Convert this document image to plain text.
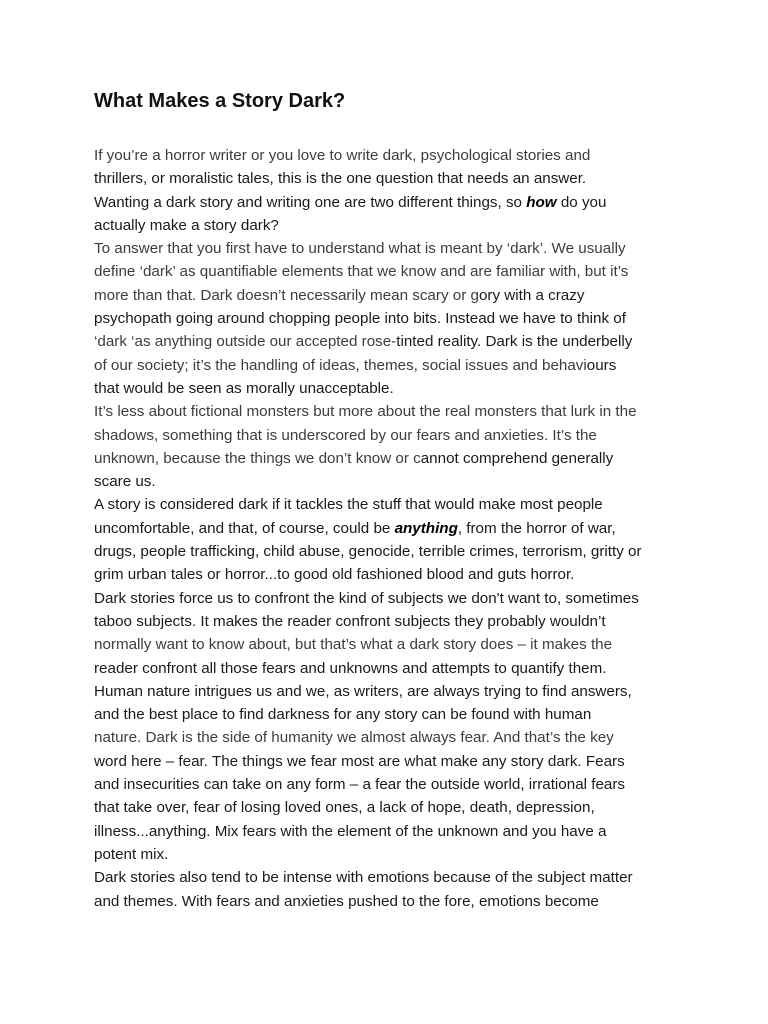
What Makes a Story Dark?
If you’re a horror writer or you love to write dark, psychological stories and
thrillers, or moralistic tales, this is the one question that needs an answer.
Wanting a dark story and writing one are two different things, so how do you
actually make a story dark?
To answer that you first have to understand what is meant by ‘dark’. We usually
define ‘dark’ as quantifiable elements that we know and are familiar with, but it’s
more than that. Dark doesn’t necessarily mean scary or gory with a crazy
psychopath going around chopping people into bits. Instead we have to think of
‘dark ‘as anything outside our accepted rose-tinted reality. Dark is the underbelly
of our society; it’s the handling of ideas, themes, social issues and behaviours
that would be seen as morally unacceptable.
It’s less about fictional monsters but more about the real monsters that lurk in the
shadows, something that is underscored by our fears and anxieties. It’s the
unknown, because the things we don’t know or cannot comprehend generally
scare us.
A story is considered dark if it tackles the stuff that would make most people
uncomfortable, and that, of course, could be anything, from the horror of war,
drugs, people trafficking, child abuse, genocide, terrible crimes, terrorism, gritty or
grim urban tales or horror...to good old fashioned blood and guts horror.
Dark stories force us to confront the kind of subjects we don't want to, sometimes
taboo subjects. It makes the reader confront subjects they probably wouldn’t
normally want to know about, but that’s what a dark story does – it makes the
reader confront all those fears and unknowns and attempts to quantify them.
Human nature intrigues us and we, as writers, are always trying to find answers,
and the best place to find darkness for any story can be found with human
nature. Dark is the side of humanity we almost always fear. And that’s the key
word here – fear. The things we fear most are what make any story dark. Fears
and insecurities can take on any form – a fear the outside world, irrational fears
that take over, fear of losing loved ones, a lack of hope, death, depression,
illness...anything. Mix fears with the element of the unknown and you have a
potent mix.
Dark stories also tend to be intense with emotions because of the subject matter
and themes. With fears and anxieties pushed to the fore, emotions become
